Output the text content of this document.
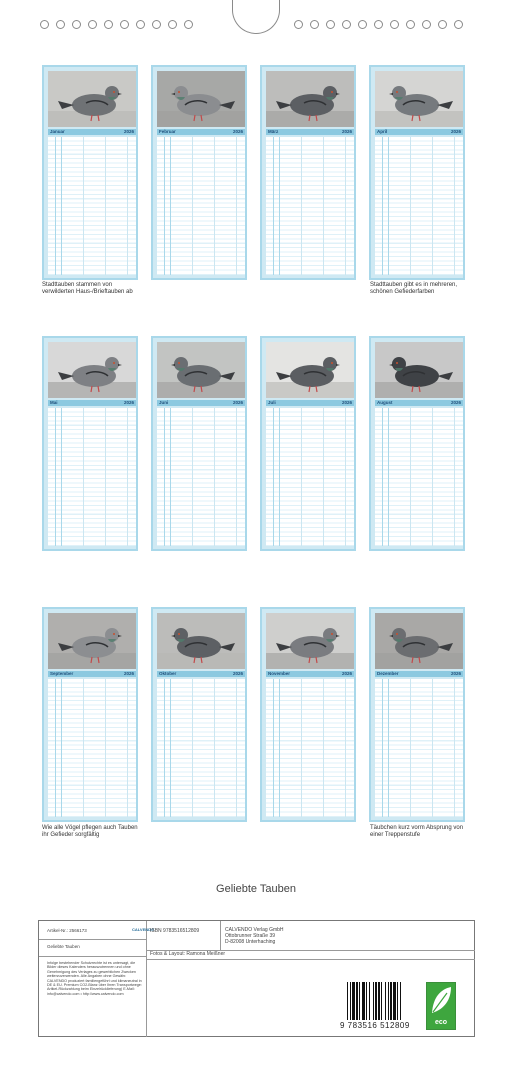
Januar	2026	Februar	2026	März	2026	April	2026
Mai	2026	Juni	2026	Juli	2026	August	2026
September	2026	Oktober	2026	November	2026	Dezember	2026
Stadttauben stammen von verwilderten Haus-/Brieftauben ab
Stadttauben gibt es in mehreren, schönen Gefiederfarben
Wie alle Vögel pflegen auch Tauben ihr Gefieder sorgfältig
Täubchen kurz vorm Absprung von einer Treppenstufe
Geliebte Tauben
Artikel-Nr.: 2566173	CALVENDO
Geliebte Tauben
Infolge bestehender Schutzrechte ist es untersagt, die Bilder dieses Kalenders herauszutrennen und ohne Genehmigung des Verlages zu gewerblichen Zwecken weiterzuverwenden. Alle Angaben ohne Gewähr. CALVENDO produziert familiengeführt und klimaneutral in DE & EU. Premium CO2-Blanz über Ihren Transportwege: Artikel-Rückzahlung beim Einzelrücklieferung) E-Mail: info@calvendo.com • http://www.calvendo.com
ISBN 9783516512809	CALVENDO Verlag GmbH
Ottobrunner Straße 39
D-82008 Unterhaching
Fotos & Layout: Ramona Meißner
9 783516 512809	eco
